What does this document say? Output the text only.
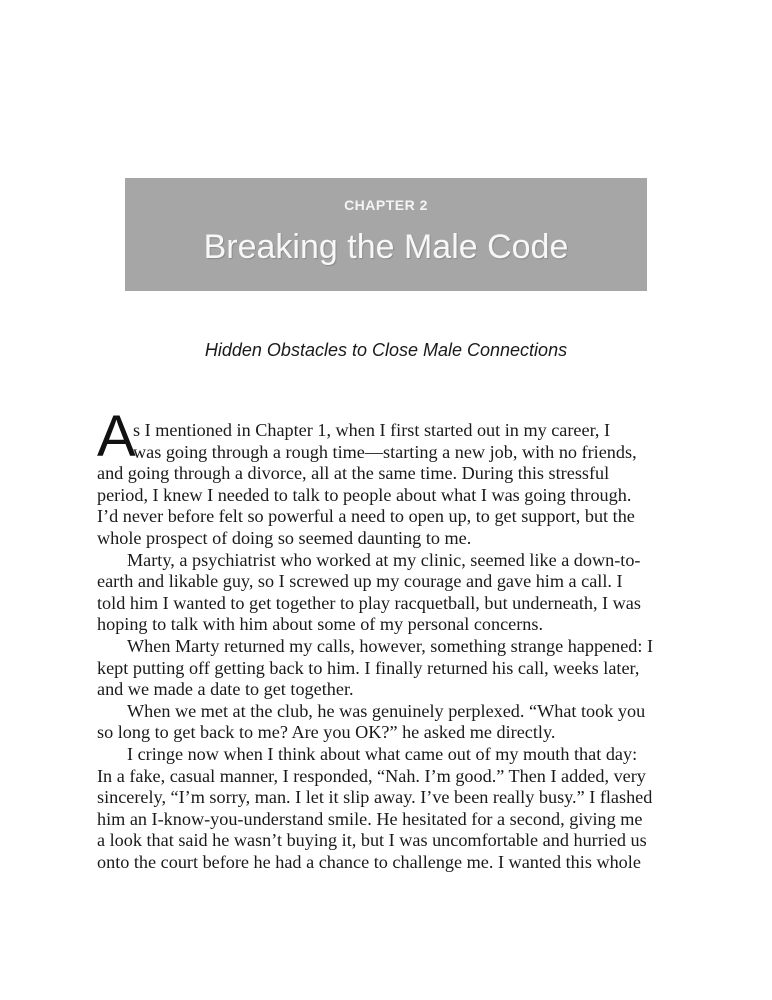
CHAPTER 2
Breaking the Male Code
Hidden Obstacles to Close Male Connections

A
s I mentioned in Chapter 1, when I first started out in my career, I
was going through a rough time—starting a new job, with no friends,
and going through a divorce, all at the same time. During this stressful
period, I knew I needed to talk to people about what I was going through.
I’d never before felt so powerful a need to open up, to get support, but the
whole prospect of doing so seemed daunting to me.

Marty, a psychiatrist who worked at my clinic, seemed like a down-to-
earth and likable guy, so I screwed up my courage and gave him a call. I
told him I wanted to get together to play racquetball, but underneath, I was
hoping to talk with him about some of my personal concerns.

When Marty returned my calls, however, something strange happened: I
kept putting off getting back to him. I finally returned his call, weeks later,
and we made a date to get together.

When we met at the club, he was genuinely perplexed. “What took you
so long to get back to me? Are you OK?” he asked me directly.

I cringe now when I think about what came out of my mouth that day:
In a fake, casual manner, I responded, “Nah. I’m good.” Then I added, very
sincerely, “I’m sorry, man. I let it slip away. I’ve been really busy.” I flashed
him an I-know-you-understand smile. He hesitated for a second, giving me
a look that said he wasn’t buying it, but I was uncomfortable and hurried us
onto the court before he had a chance to challenge me. I wanted this whole
